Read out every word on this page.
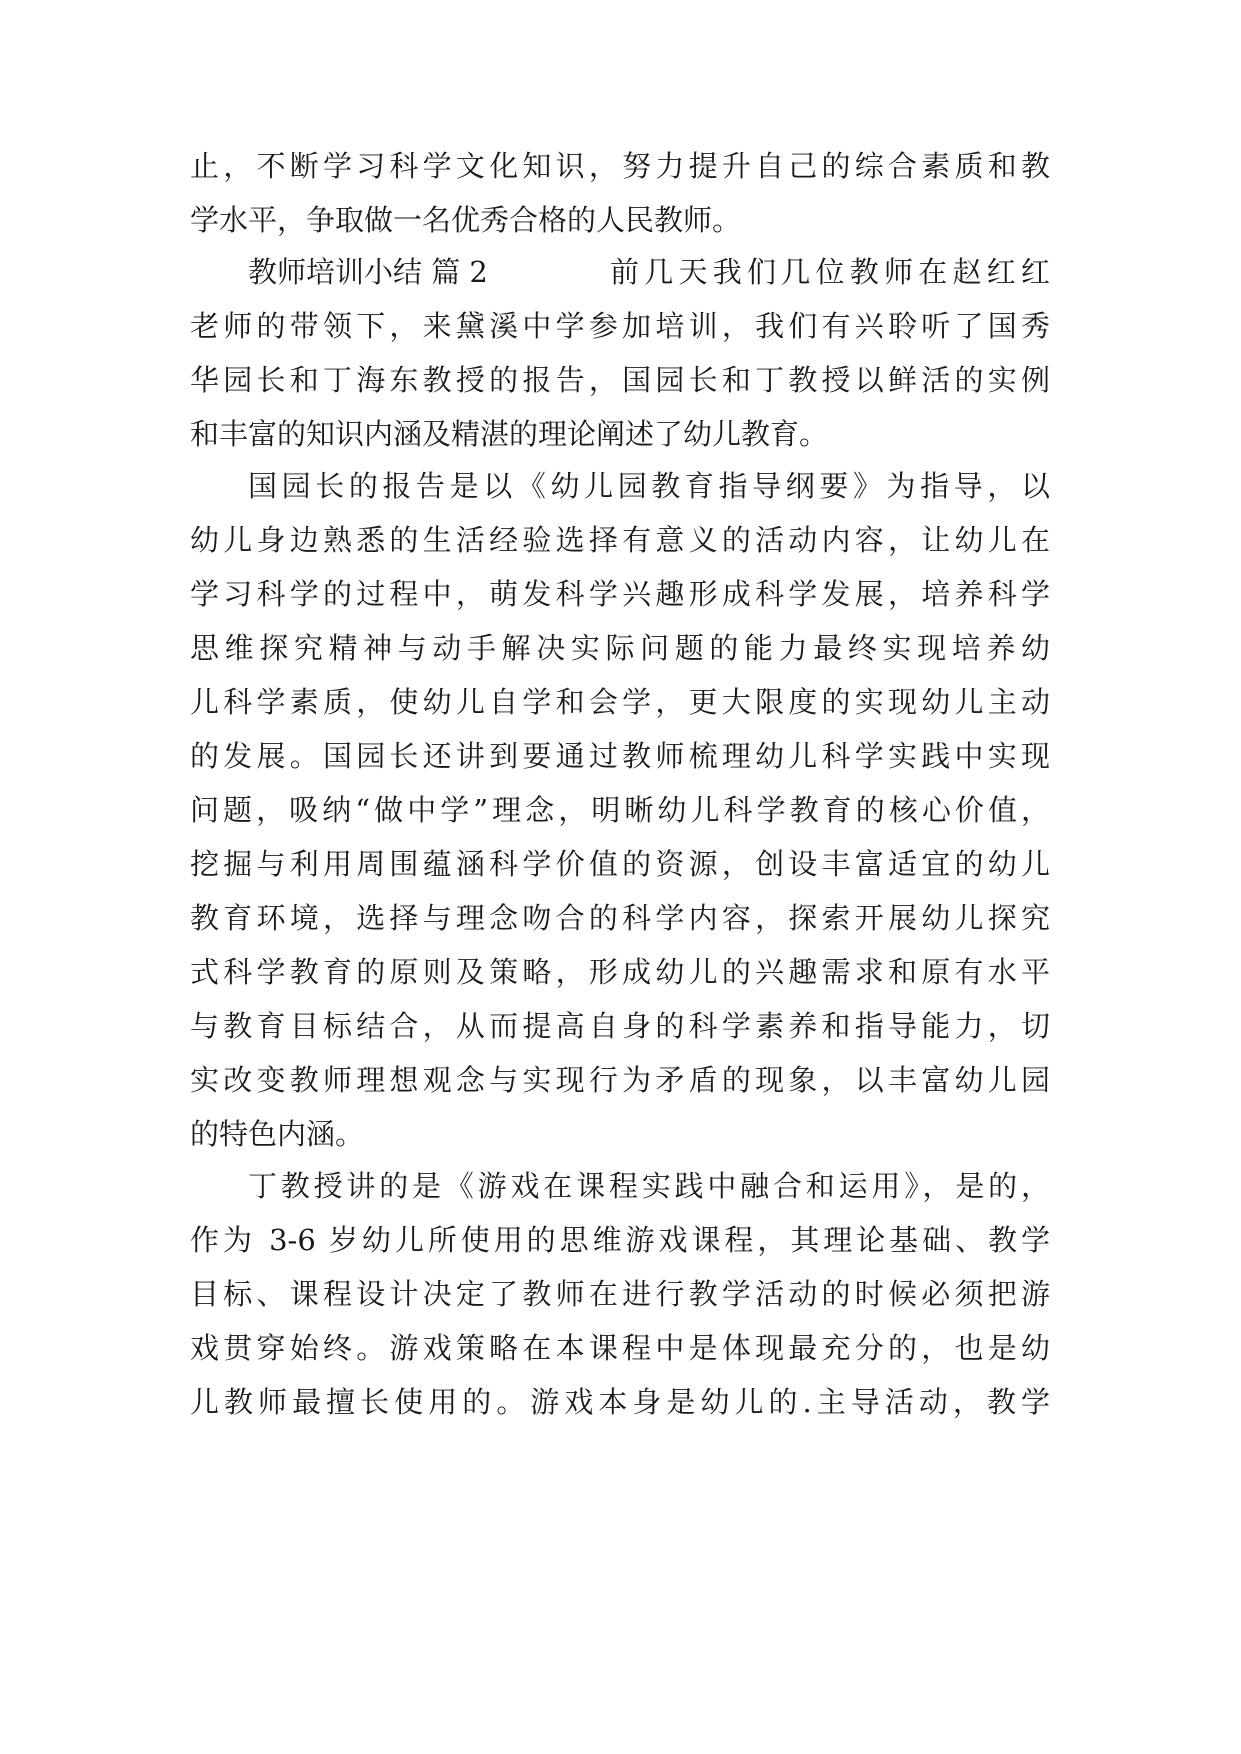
止，不断学习科学文化知识，努力提升自己的综合素质和教
学水平，争取做一名优秀合格的人民教师。
教师培训小结 篇 2	前几天我们几位教师在赵红红
老师的带领下，来黛溪中学参加培训，我们有兴聆听了国秀
华园长和丁海东教授的报告，国园长和丁教授以鲜活的实例
和丰富的知识内涵及精湛的理论阐述了幼儿教育。
国园长的报告是以《幼儿园教育指导纲要》为指导，以
幼儿身边熟悉的生活经验选择有意义的活动内容，让幼儿在
学习科学的过程中，萌发科学兴趣形成科学发展，培养科学
思维探究精神与动手解决实际问题的能力最终实现培养幼
儿科学素质，使幼儿自学和会学，更大限度的实现幼儿主动
的发展。国园长还讲到要通过教师梳理幼儿科学实践中实现
问题，吸纳“做中学”理念，明晰幼儿科学教育的核心价值，
挖掘与利用周围蕴涵科学价值的资源，创设丰富适宜的幼儿
教育环境，选择与理念吻合的科学内容，探索开展幼儿探究
式科学教育的原则及策略，形成幼儿的兴趣需求和原有水平
与教育目标结合，从而提高自身的科学素养和指导能力，切
实改变教师理想观念与实现行为矛盾的现象，以丰富幼儿园
的特色内涵。
丁教授讲的是《游戏在课程实践中融合和运用》，是的，
作为 3-6 岁幼儿所使用的思维游戏课程，其理论基础、教学
目标、课程设计决定了教师在进行教学活动的时候必须把游
戏贯穿始终。游戏策略在本课程中是体现最充分的，也是幼
儿教师最擅长使用的。游戏本身是幼儿的.主导活动，教学
